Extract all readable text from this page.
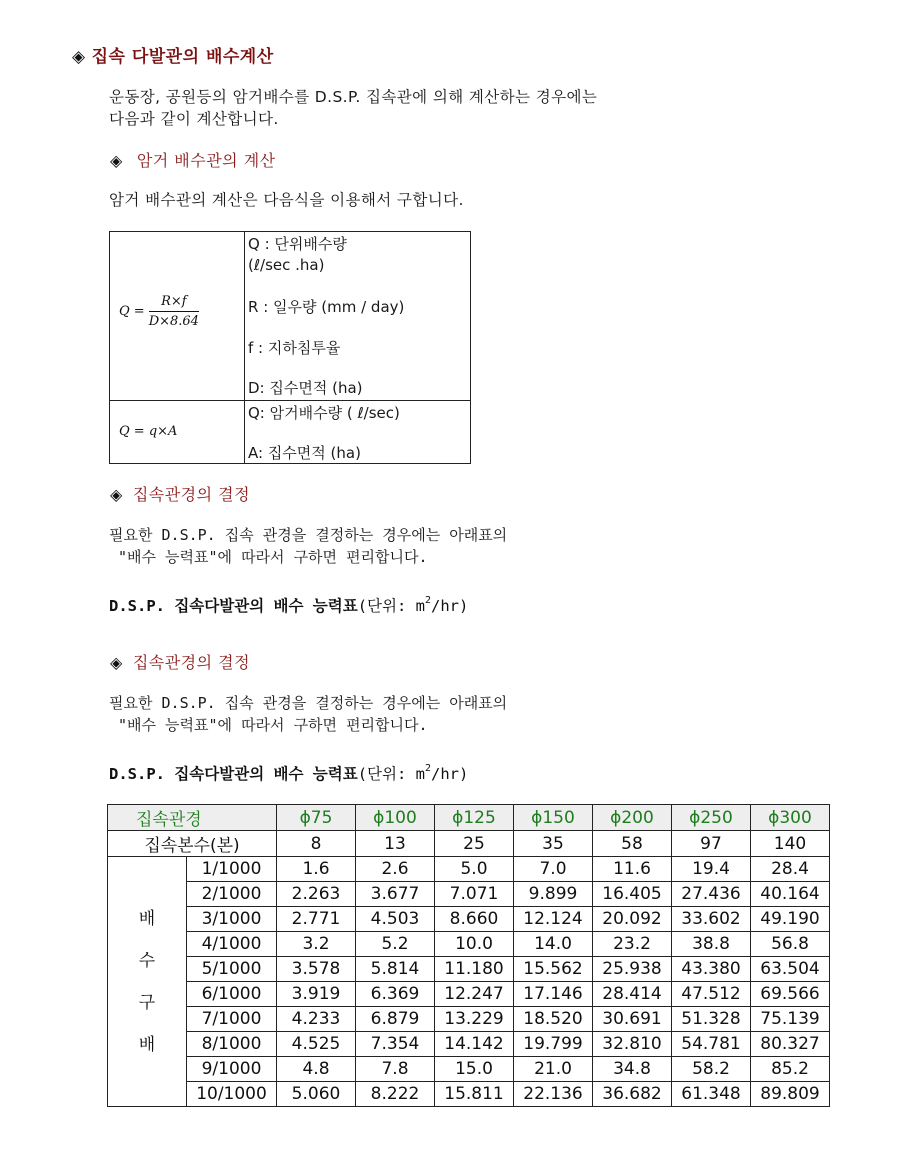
◈ 집속 다발관의 배수계산
운동장, 공원등의 암거배수를 D.S.P. 집속관에 의해 계산하는 경우에는
다음과 같이 계산합니다.
◈ 암거 배수관의 계산
암거 배수관의 계산은 다음식을 이용해서 구합니다.
$Q = \frac{R\times f}{D\times 8.64}$
Q : 단위배수량
(ℓ/sec .ha)
R : 일우량 (mm / day)
f : 지하침투율
D: 집수면적 (ha)
Q = q×A
Q: 암거배수량 ( ℓ/sec)
A: 집수면적 (ha)
◈ 집속관경의 결정
필요한 D.S.P. 집속 관경을 결정하는 경우에는 아래표의
"배수 능력표"에 따라서 구하면 편리합니다.
D.S.P. 집속다발관의 배수 능력표(단위: $m^2/hr$)
◈ 집속관경의 결정
필요한 D.S.P. 집속 관경을 결정하는 경우에는 아래표의
"배수 능력표"에 따라서 구하면 편리합니다.
D.S.P. 집속다발관의 배수 능력표(단위: $m^2/hr$)
집속관경		ϕ75	ϕ100	ϕ125	ϕ150	ϕ200	ϕ250	ϕ300
집속본수(본)		8	13	25	35	58	97	140

배
수
구
배	1/1000	1.6	2.6	5.0	7.0	11.6	19.4	28.4
	2/1000	2.263	3.677	7.071	9.899	16.405	27.436	40.164
	3/1000	2.771	4.503	8.660	12.124	20.092	33.602	49.190
	4/1000	3.2	5.2	10.0	14.0	23.2	38.8	56.8
	5/1000	3.578	5.814	11.180	15.562	25.938	43.380	63.504
	6/1000	3.919	6.369	12.247	17.146	28.414	47.512	69.566
	7/1000	4.233	6.879	13.229	18.520	30.691	51.328	75.139
	8/1000	4.525	7.354	14.142	19.799	32.810	54.781	80.327
	9/1000	4.8	7.8	15.0	21.0	34.8	58.2	85.2
	10/1000	5.060	8.222	15.811	22.136	36.682	61.348	89.809
